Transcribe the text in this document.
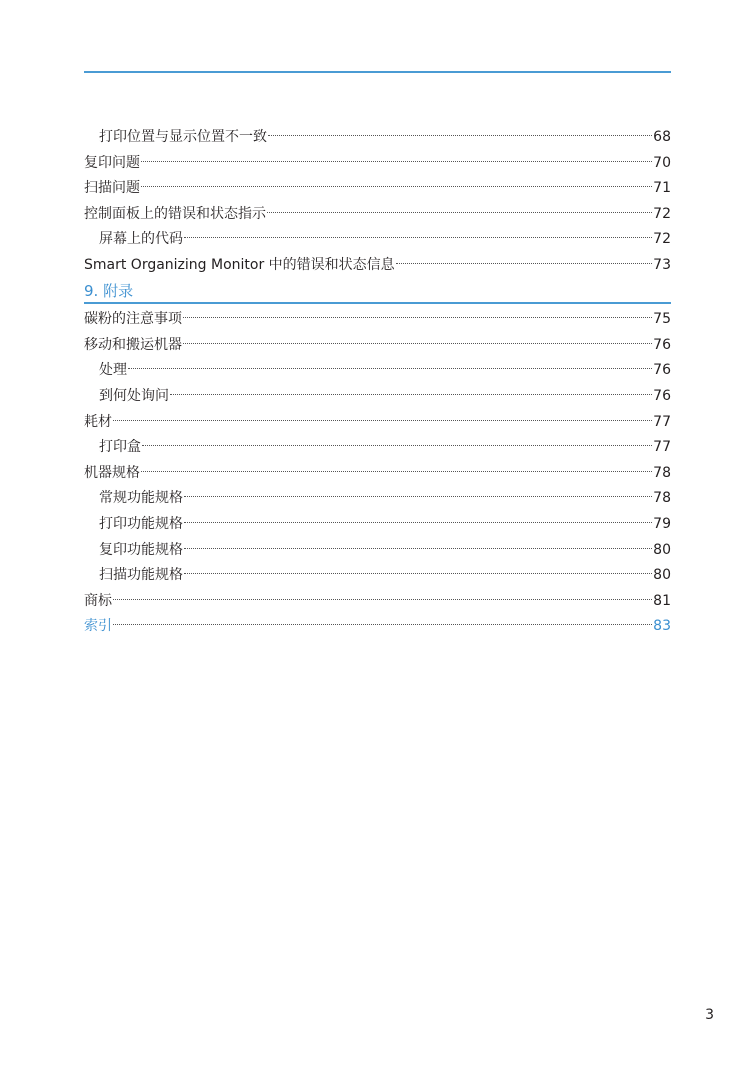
打印位置与显示位置不一致	68
复印问题	70
扫描问题	71
控制面板上的错误和状态指示	72
屏幕上的代码	72
Smart Organizing Monitor 中的错误和状态信息	73
9. 附录
碳粉的注意事项	75
移动和搬运机器	76
处理	76
到何处询问	76
耗材	77
打印盒	77
机器规格	78
常规功能规格	78
打印功能规格	79
复印功能规格	80
扫描功能规格	80
商标	81
索引	83
3
